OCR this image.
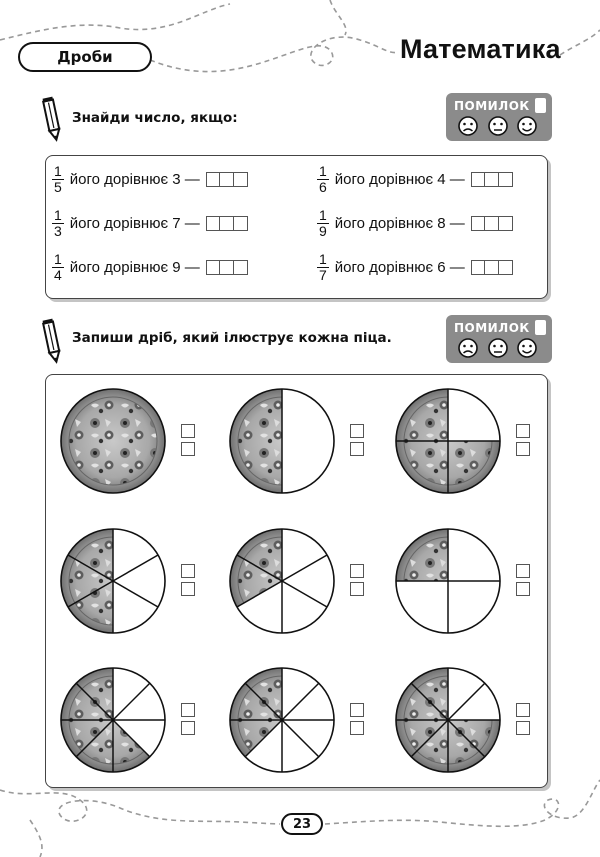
Дроби	Математика
Знайди число, якщо:
ПОМИЛОК
$\frac{1}{5}$ його дорівнює 3 —	$\frac{1}{6}$ його дорівнює 4 —
$\frac{1}{3}$ його дорівнює 7 —	$\frac{1}{9}$ його дорівнює 8 —
$\frac{1}{4}$ його дорівнює 9 —	$\frac{1}{7}$ його дорівнює 6 —
Запиши дріб, який ілюструє кожна піца.
ПОМИЛОК
23
